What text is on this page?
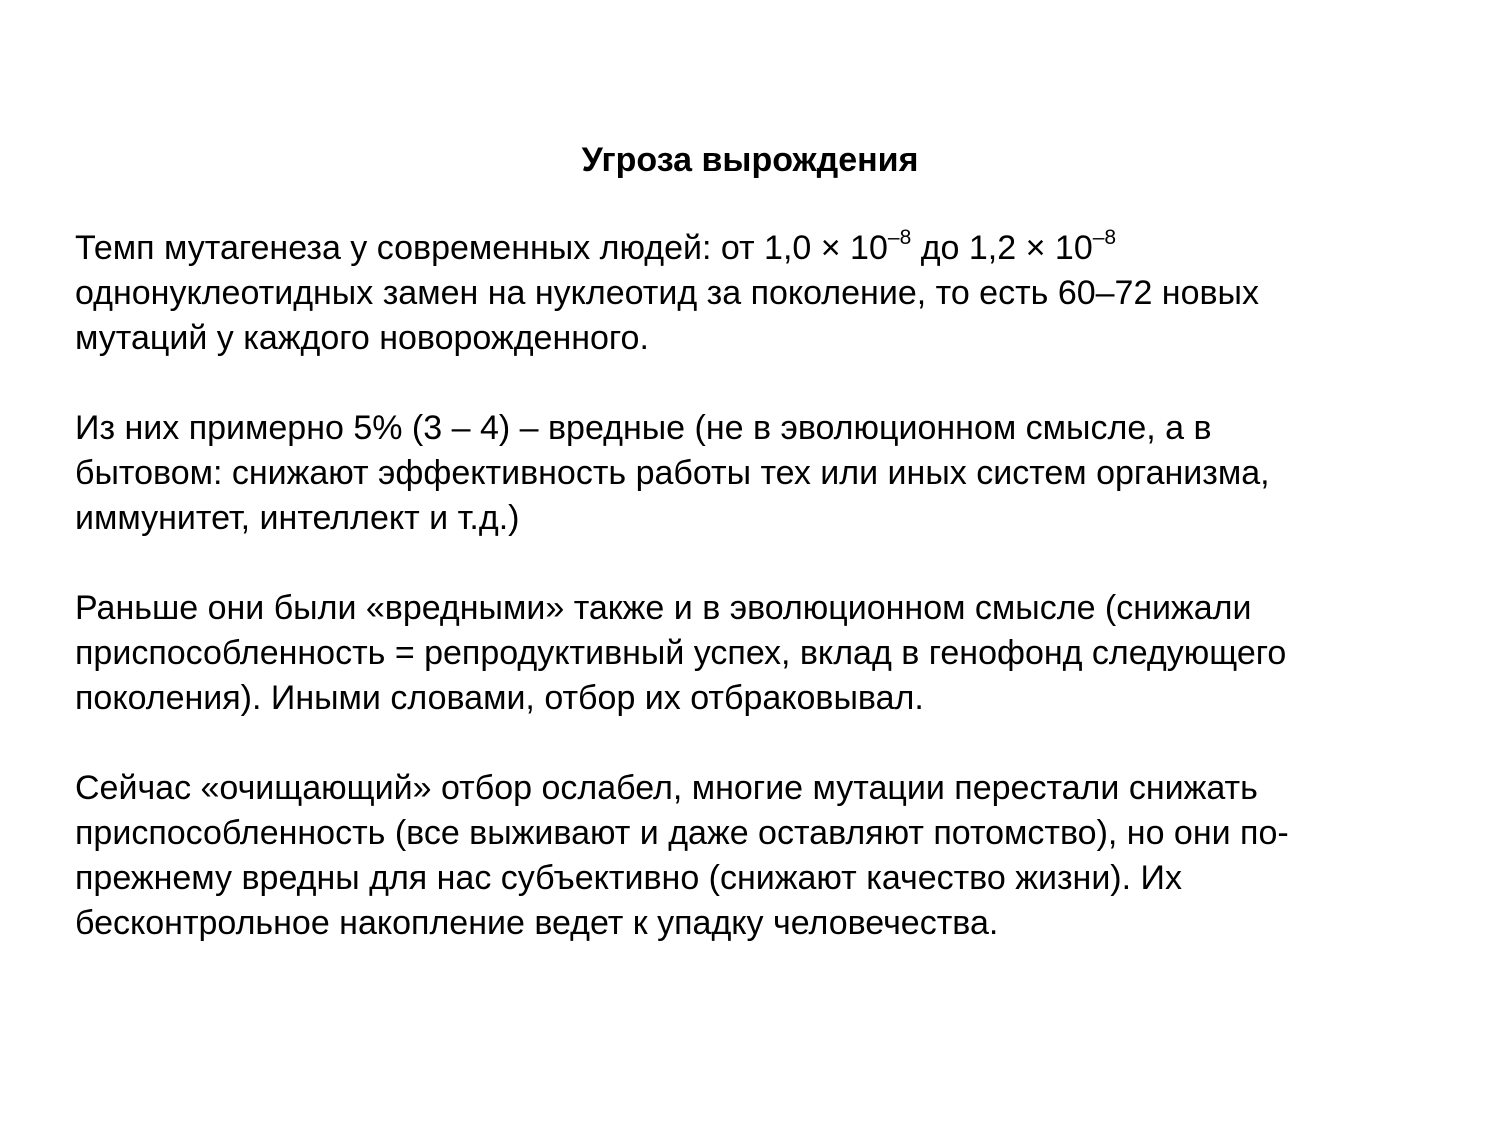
Угроза вырождения

Темп мутагенеза у современных людей: от $1,0 \times 10^{-8}$ до $1,2 \times 10^{-8}$
однонуклеотидных замен на нуклеотид за поколение, то есть 60–72 новых
мутаций у каждого новорожденного.

Из них примерно 5% (3 – 4) – вредные (не в эволюционном смысле, а в
бытовом: снижают эффективность работы тех или иных систем организма,
иммунитет, интеллект и т.д.)

Раньше они были «вредными» также и в эволюционном смысле (снижали
приспособленность = репродуктивный успех, вклад в генофонд следующего
поколения). Иными словами, отбор их отбраковывал.

Сейчас «очищающий» отбор ослабел, многие мутации перестали снижать
приспособленность (все выживают и даже оставляют потомство), но они по-
прежнему вредны для нас субъективно (снижают качество жизни). Их
бесконтрольное накопление ведет к упадку человечества.
